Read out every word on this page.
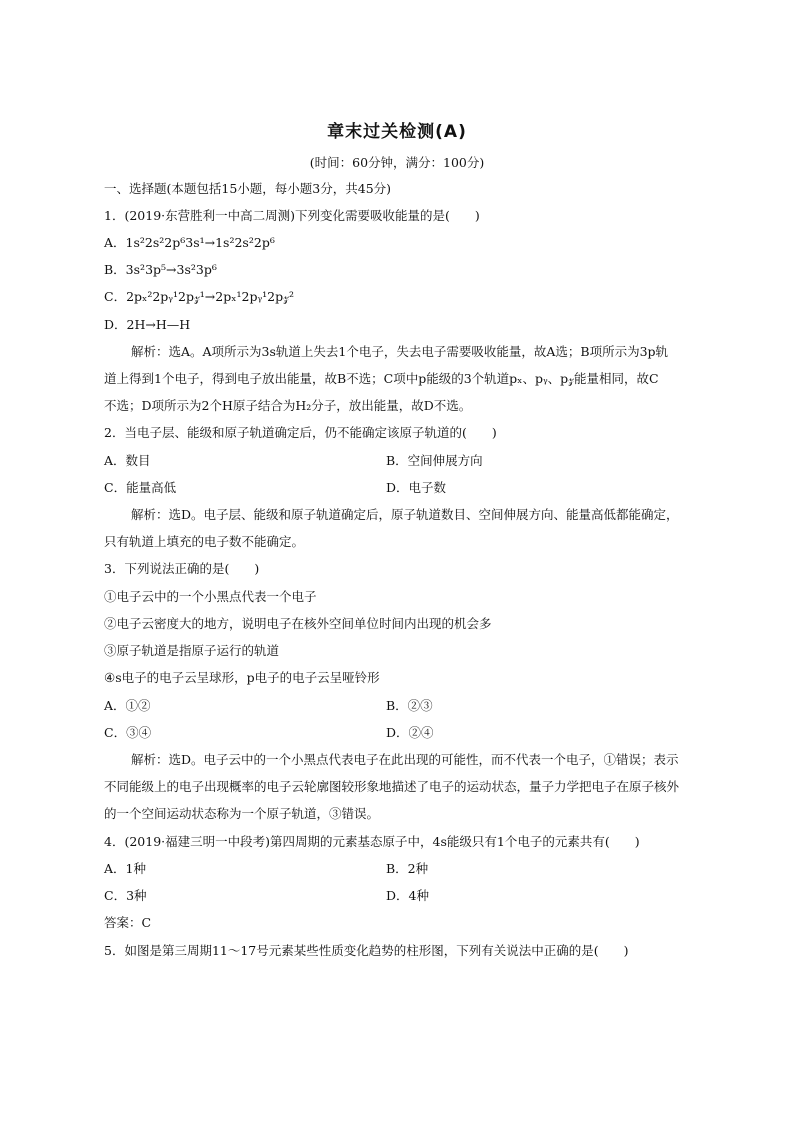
章末过关检测(A)
(时间：60分钟，满分：100分)
一、选择题(本题包括15小题，每小题3分，共45分)
1．(2019·东营胜利一中高二周测)下列变化需要吸收能量的是(　　)
A．1s²2s²2p⁶3s¹→1s²2s²2p⁶
B．3s²3p⁵→3s²3p⁶
C．2pₓ²2pᵧ¹2p𝓏¹→2pₓ¹2pᵧ¹2p𝓏²
D．2H→H—H
解析：选A。A项所示为3s轨道上失去1个电子，失去电子需要吸收能量，故A选；B项所示为3p轨
道上得到1个电子，得到电子放出能量，故B不选；C项中p能级的3个轨道pₓ、pᵧ、p𝓏能量相同，故C
不选；D项所示为2个H原子结合为H₂分子，放出能量，故D不选。
2．当电子层、能级和原子轨道确定后，仍不能确定该原子轨道的(　　)
A．数目	B．空间伸展方向
C．能量高低	D．电子数
解析：选D。电子层、能级和原子轨道确定后，原子轨道数目、空间伸展方向、能量高低都能确定，
只有轨道上填充的电子数不能确定。
3．下列说法正确的是(　　)
①电子云中的一个小黑点代表一个电子
②电子云密度大的地方，说明电子在核外空间单位时间内出现的机会多
③原子轨道是指原子运行的轨道
④s电子的电子云呈球形，p电子的电子云呈哑铃形
A．①②	B．②③
C．③④	D．②④
解析：选D。电子云中的一个小黑点代表电子在此出现的可能性，而不代表一个电子，①错误；表示
不同能级上的电子出现概率的电子云轮廓图较形象地描述了电子的运动状态，量子力学把电子在原子核外
的一个空间运动状态称为一个原子轨道，③错误。
4．(2019·福建三明一中段考)第四周期的元素基态原子中，4s能级只有1个电子的元素共有(　　)
A．1种	B．2种
C．3种	D．4种
答案：C
5．如图是第三周期11～17号元素某些性质变化趋势的柱形图，下列有关说法中正确的是(　　)
